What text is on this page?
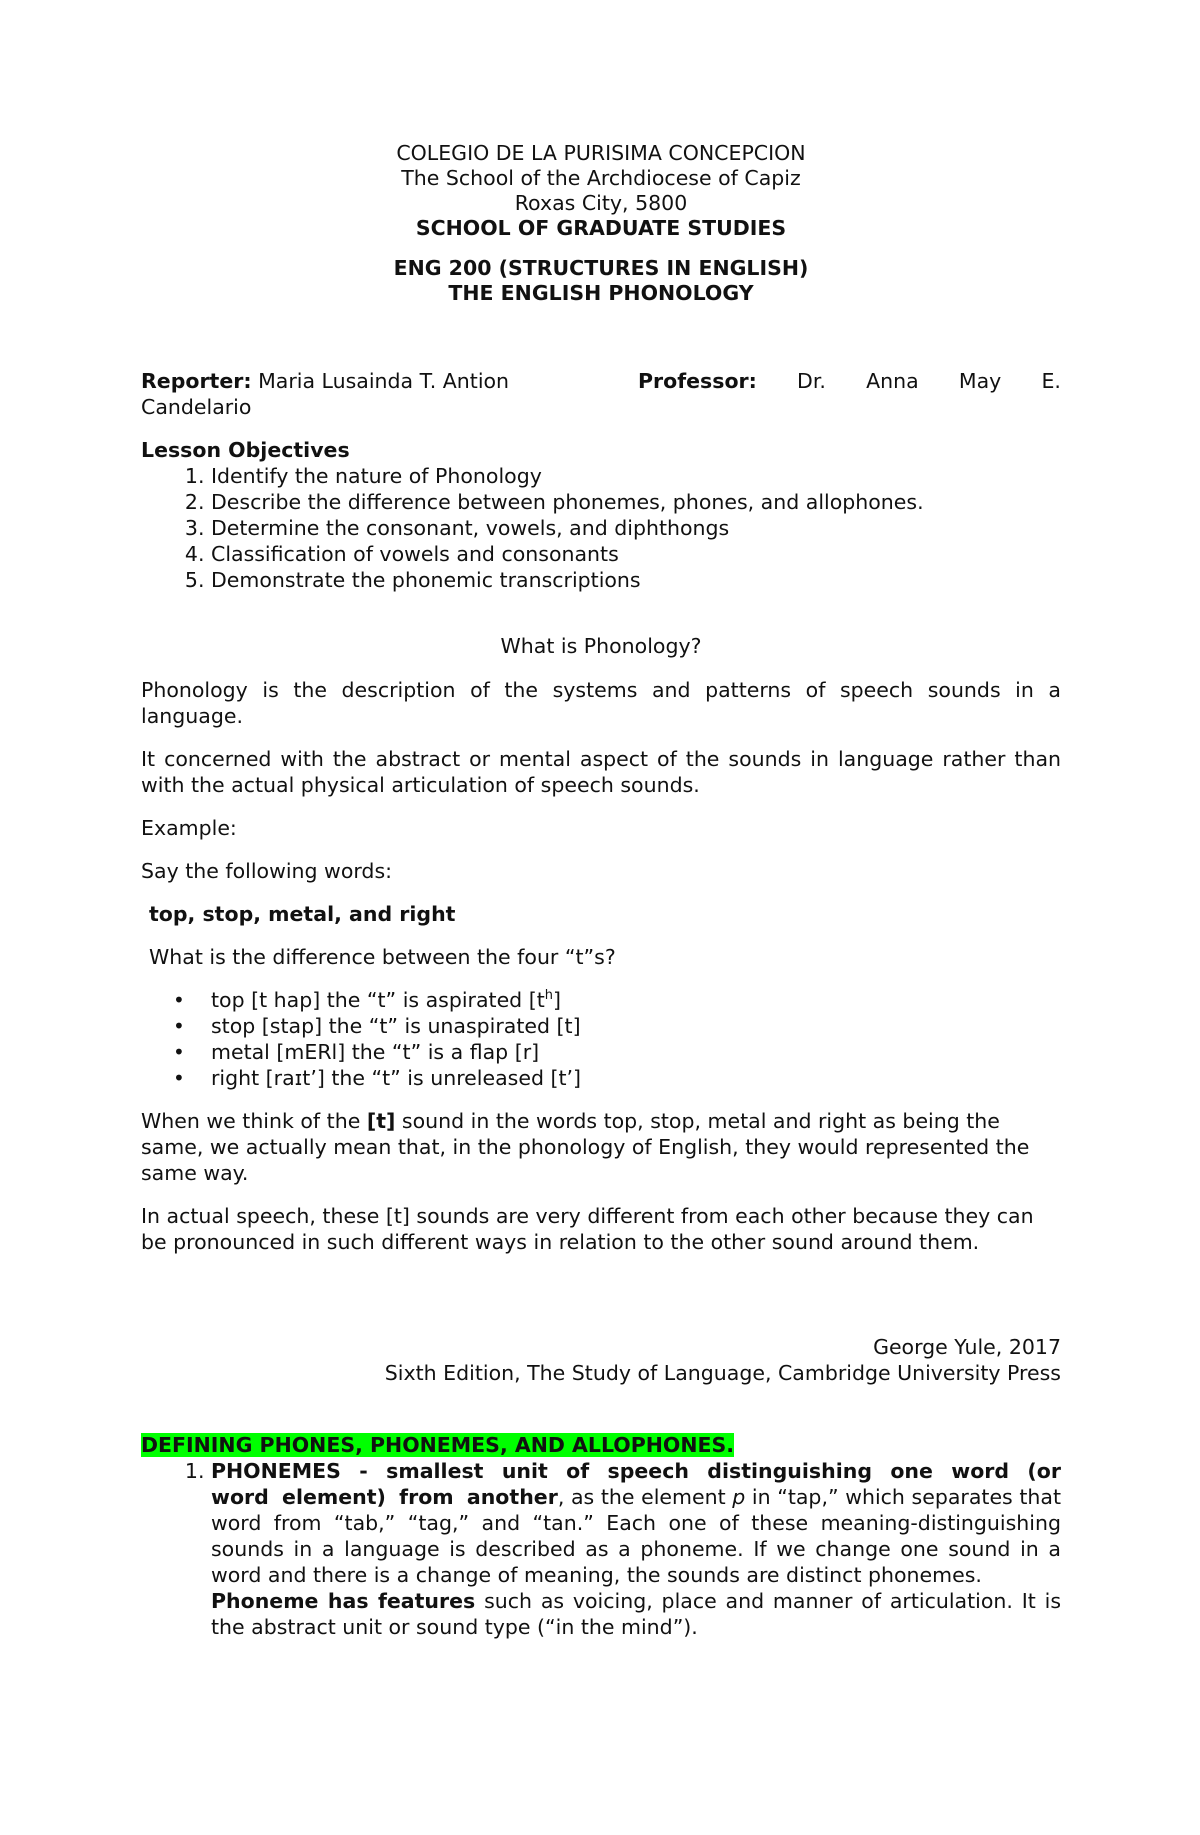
COLEGIO DE LA PURISIMA CONCEPCION

The School of the Archdiocese of Capiz

Roxas City, 5800

SCHOOL OF GRADUATE STUDIES

ENG 200 (STRUCTURES IN ENGLISH)

THE ENGLISH PHONOLOGY

Reporter: Maria Lusainda T. Antion	Professor: Dr. Anna May E.

Candelario

Lesson Objectives

1. Identify the nature of Phonology
2. Describe the difference between phonemes, phones, and allophones.
3. Determine the consonant, vowels, and diphthongs
4. Classification of vowels and consonants
5. Demonstrate the phonemic transcriptions

What is Phonology?

Phonology is the description of the systems and patterns of speech sounds in a language.

It concerned with the abstract or mental aspect of the sounds in language rather than with the actual physical articulation of speech sounds.

Example:

Say the following words:

top, stop, metal, and right

What is the difference between the four “t”s?

• top [t hap] the “t” is aspirated $[t^h]$
• stop [stap] the “t” is unaspirated [t]
• metal [mERl] the “t” is a flap [r]
• right [raɪt’] the “t” is unreleased [t’]

When we think of the [t] sound in the words top, stop, metal and right as being the same, we actually mean that, in the phonology of English, they would represented the same way.

In actual speech, these [t] sounds are very different from each other because they can be pronounced in such different ways in relation to the other sound around them.

George Yule, 2017

Sixth Edition, The Study of Language, Cambridge University Press

DEFINING PHONES, PHONEMES, AND ALLOPHONES.

1. PHONEMES - smallest unit of speech distinguishing one word (or word element) from another, as the element p in “tap,” which separates that word from “tab,” “tag,” and “tan.” Each one of these meaning-distinguishing sounds in a language is described as a phoneme. If we change one sound in a word and there is a change of meaning, the sounds are distinct phonemes.
Phoneme has features such as voicing, place and manner of articulation. It is the abstract unit or sound type (“in the mind”).
